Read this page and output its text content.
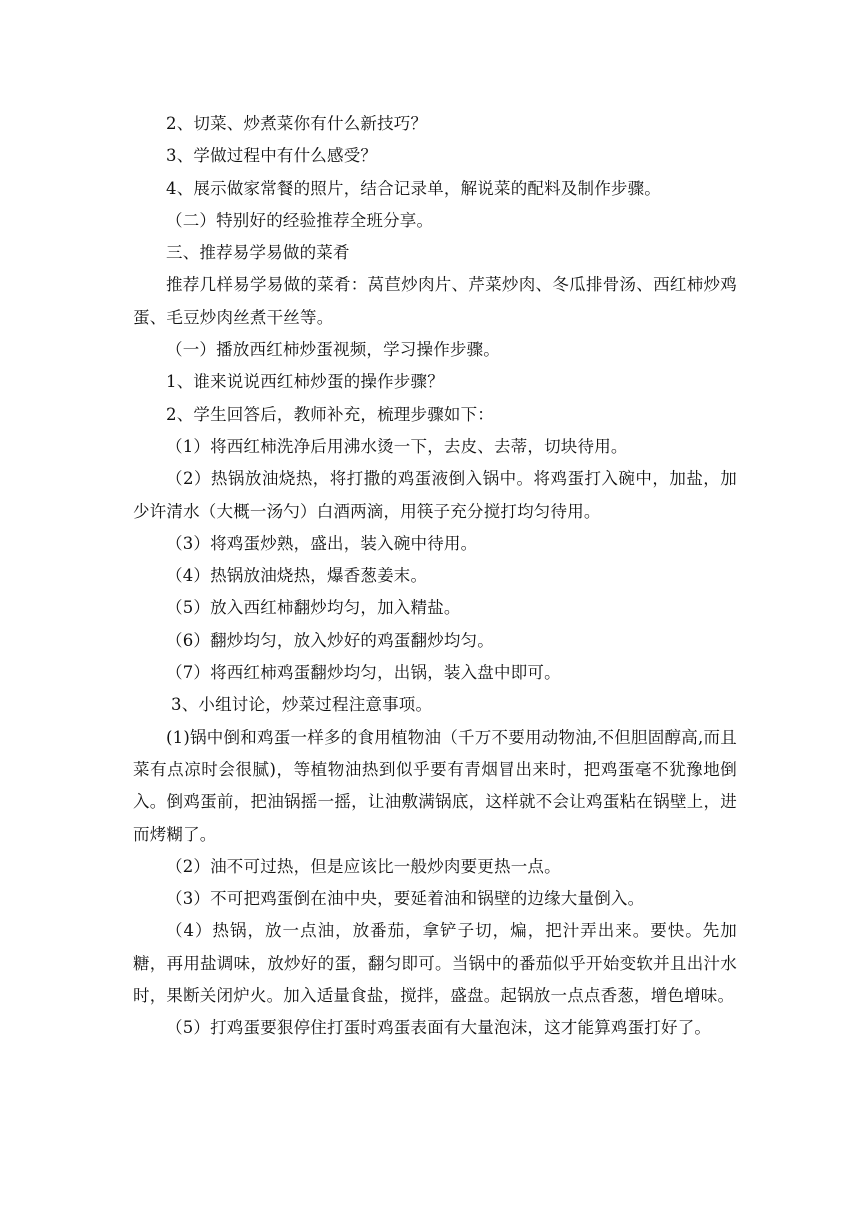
2、切菜、炒煮菜你有什么新技巧？

3、学做过程中有什么感受？

4、展示做家常餐的照片，结合记录单，解说菜的配料及制作步骤。

（二）特别好的经验推荐全班分享。

三、推荐易学易做的菜肴

推荐几样易学易做的菜肴：莴苣炒肉片、芹菜炒肉、冬瓜排骨汤、西红柿炒鸡蛋、毛豆炒肉丝煮干丝等。

（一）播放西红柿炒蛋视频，学习操作步骤。

1、谁来说说西红柿炒蛋的操作步骤？

2、学生回答后，教师补充，梳理步骤如下：

（1）将西红柿洗净后用沸水烫一下，去皮、去蒂，切块待用。

（2）热锅放油烧热，将打撒的鸡蛋液倒入锅中。将鸡蛋打入碗中，加盐，加少许清水（大概一汤勺）白酒两滴，用筷子充分搅打均匀待用。

（3）将鸡蛋炒熟，盛出，装入碗中待用。

（4）热锅放油烧热，爆香葱姜末。

（5）放入西红柿翻炒均匀，加入精盐。

（6）翻炒均匀，放入炒好的鸡蛋翻炒均匀。

（7）将西红柿鸡蛋翻炒均匀，出锅，装入盘中即可。

3、小组讨论，炒菜过程注意事项。

(1)锅中倒和鸡蛋一样多的食用植物油（千万不要用动物油,不但胆固醇高,而且菜有点凉时会很腻)，等植物油热到似乎要有青烟冒出来时，把鸡蛋毫不犹豫地倒入。倒鸡蛋前，把油锅摇一摇，让油敷满锅底，这样就不会让鸡蛋粘在锅壁上，进而烤糊了。

（2）油不可过热，但是应该比一般炒肉要更热一点。

（3）不可把鸡蛋倒在油中央，要延着油和锅壁的边缘大量倒入。

（4）热锅，放一点油，放番茄，拿铲子切，煸，把汁弄出来。要快。先加糖，再用盐调味，放炒好的蛋，翻匀即可。当锅中的番茄似乎开始变软并且出汁水时，果断关闭炉火。加入适量食盐，搅拌，盛盘。起锅放一点点香葱，增色增味。

（5）打鸡蛋要狠停住打蛋时鸡蛋表面有大量泡沫，这才能算鸡蛋打好了。
